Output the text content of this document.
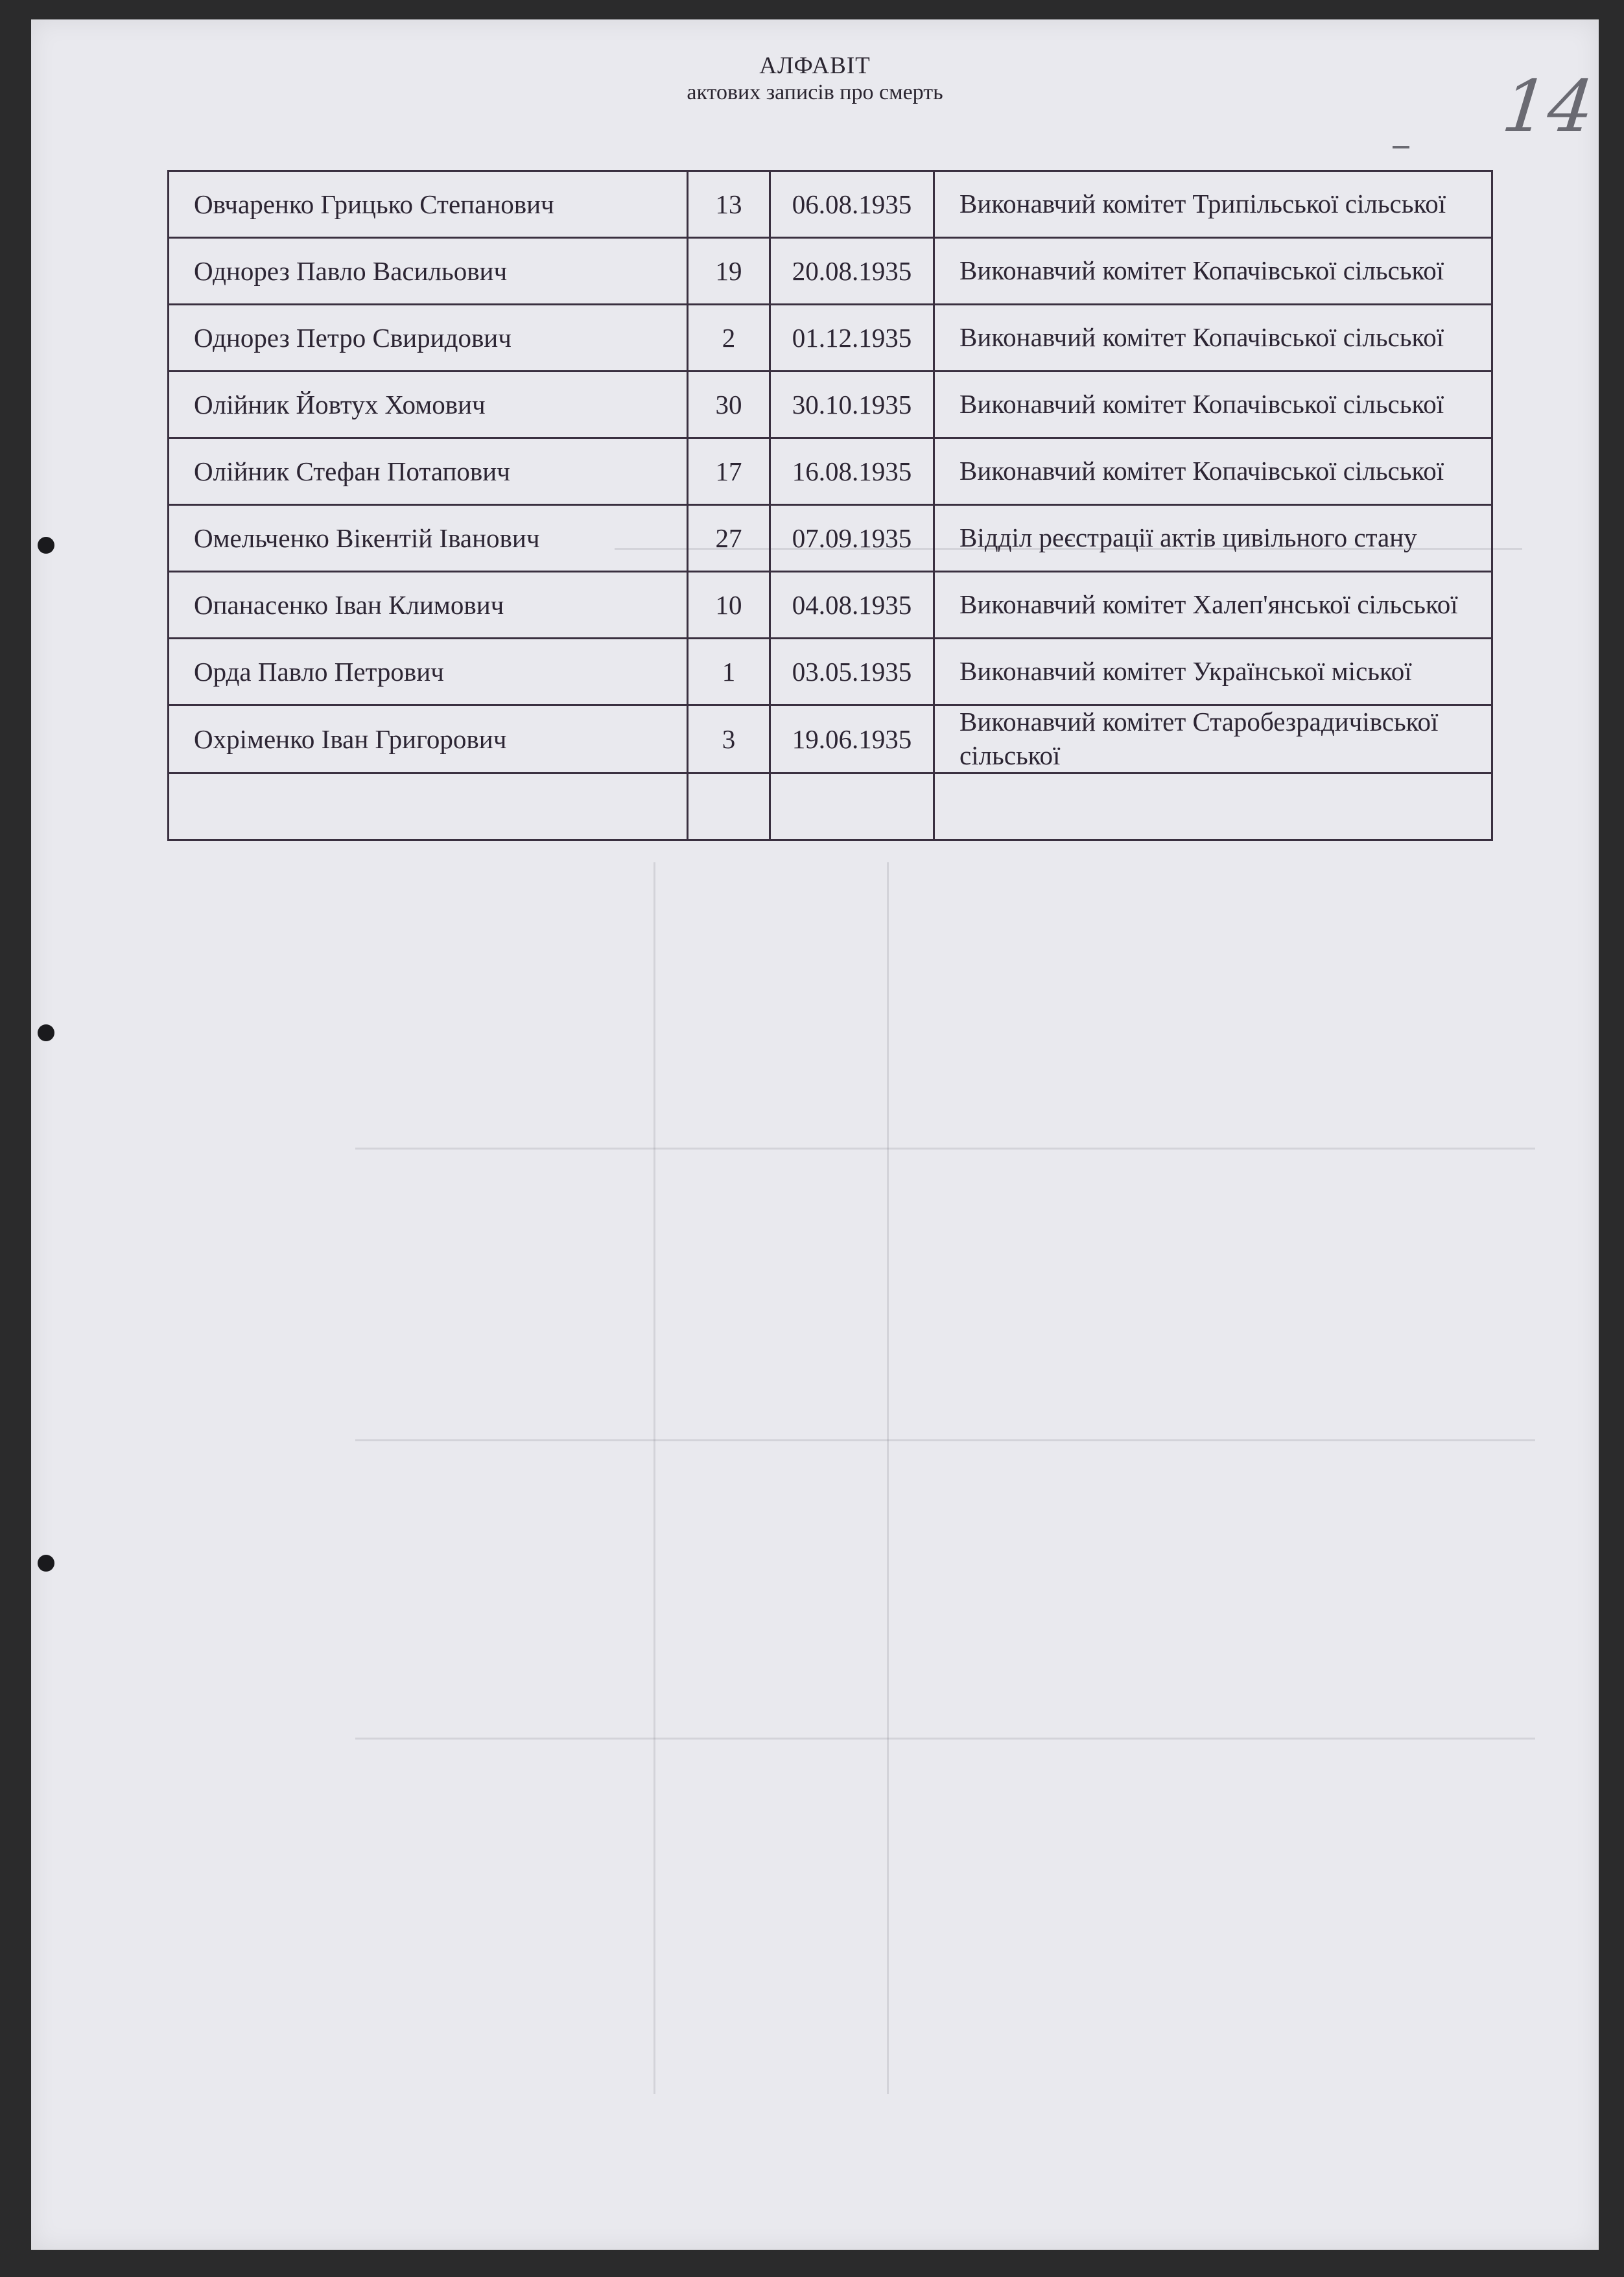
АЛФАВІТ
актових записів про смерть	14
Овчаренко Грицько Степанович	13	06.08.1935	Виконавчий комітет Трипільської сільської

Однорез Павло Васильович	19	20.08.1935	Виконавчий комітет Копачівської сільської

Однорез Петро Свиридович	2	01.12.1935	Виконавчий комітет Копачівської сільської

Олійник Йовтух Хомович	30	30.10.1935	Виконавчий комітет Копачівської сільської

Олійник Стефан Потапович	17	16.08.1935	Виконавчий комітет Копачівської сільської

Омельченко Вікентій Іванович	27	07.09.1935	Відділ реєстрації актів цивільного стану

Опанасенко Іван Климович	10	04.08.1935	Виконавчий комітет Халеп'янської сільської

Орда Павло Петрович	1	03.05.1935	Виконавчий комітет Української міської

Охріменко Іван Григорович	3	19.06.1935	Виконавчий комітет Старобезрадичівської сільської
